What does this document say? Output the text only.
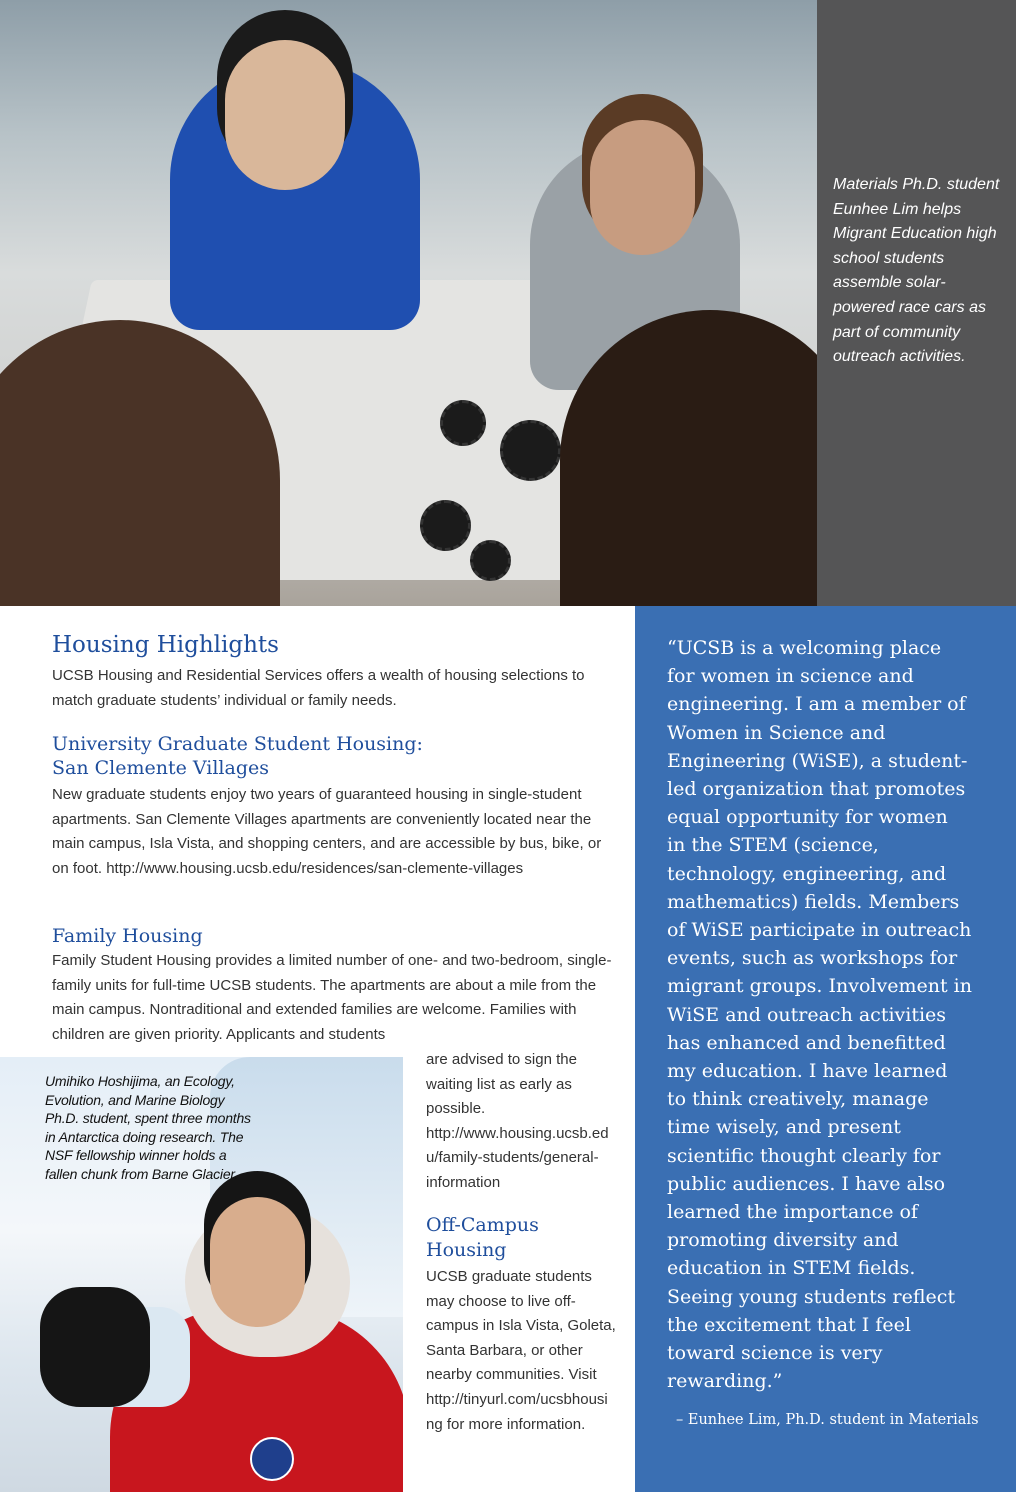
Materials Ph.D. student Eunhee Lim helps Migrant Education high school students assemble solar-powered race cars as part of community outreach activities.

Housing Highlights

UCSB Housing and Residential Services offers a wealth of housing selections to match graduate students’ individual or family needs.

University Graduate Student Housing:
San Clemente Villages

New graduate students enjoy two years of guaranteed housing in single-student apartments. San Clemente Villages apartments are conveniently located near the main campus, Isla Vista, and shopping centers, and are accessible by bus, bike, or on foot. http://www.housing.ucsb.edu/residences/san-clemente-villages

Family Housing

Family Student Housing provides a limited number of one- and two-bedroom, single-family units for full-time UCSB students. The apartments are about a mile from the main campus. Nontraditional and extended families are welcome. Families with children are given priority. Applicants and students

are advised to sign the waiting list as early as possible. http://www.housing.ucsb.edu/family-students/general-information

Off-Campus Housing

UCSB graduate students may choose to live off-campus in Isla Vista, Goleta, Santa Barbara, or other nearby communities. Visit http://tinyurl.com/ucsbhousing for more information.

Umihiko Hoshijima, an Ecology, Evolution, and Marine Biology Ph.D. student, spent three months in Antarctica doing research. The NSF fellowship winner holds a fallen chunk from Barne Glacier.

“UCSB is a welcoming place for women in science and engineering. I am a member of Women in Science and Engineering (WiSE), a student-led organization that promotes equal opportunity for women in the STEM (science, technology, engineering, and mathematics) fields. Members of WiSE participate in outreach events, such as workshops for migrant groups. Involvement in WiSE and outreach activities has enhanced and benefitted my education. I have learned to think creatively, manage time wisely, and present scientific thought clearly for public audiences. I have also learned the importance of promoting diversity and education in STEM fields. Seeing young students reflect the excitement that I feel toward science is very rewarding.”

– Eunhee Lim, Ph.D. student in Materials
